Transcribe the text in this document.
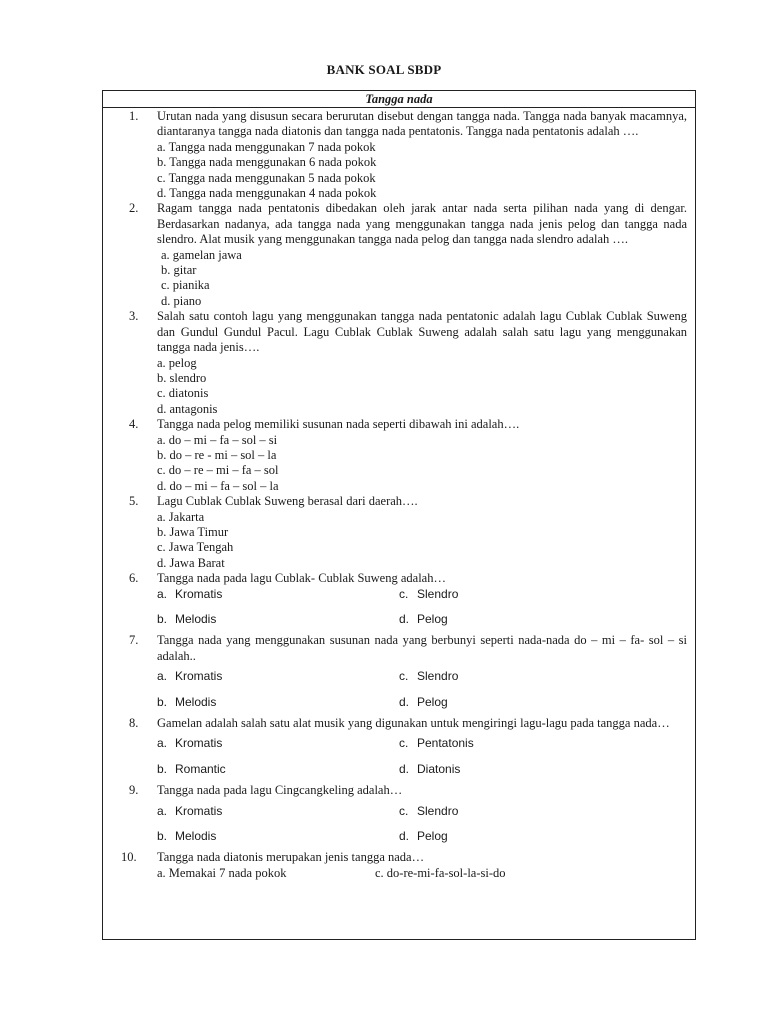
BANK SOAL SBDP
Tangga nada
1.	Urutan nada yang disusun secara berurutan disebut dengan tangga nada. Tangga nada banyak macamnya, diantaranya tangga nada diatonis dan tangga nada pentatonis. Tangga nada pentatonis adalah ….
a. Tangga nada menggunakan 7 nada pokok
b. Tangga nada menggunakan 6 nada pokok
c. Tangga nada menggunakan 5 nada pokok
d. Tangga nada menggunakan 4 nada pokok
2.	Ragam tangga nada pentatonis dibedakan oleh jarak antar nada serta pilihan nada yang di dengar. Berdasarkan nadanya, ada tangga nada yang menggunakan tangga nada jenis pelog dan tangga nada slendro. Alat musik yang menggunakan tangga nada pelog dan tangga nada slendro adalah ….
a. gamelan jawa
b. gitar
c. pianika
d. piano
3.	Salah satu contoh lagu yang menggunakan tangga nada pentatonic adalah lagu Cublak Cublak Suweng dan Gundul Gundul Pacul. Lagu Cublak Cublak Suweng adalah salah satu lagu yang menggunakan tangga nada jenis….
a. pelog
b. slendro
c. diatonis
d. antagonis
4.	Tangga nada pelog memiliki susunan nada seperti dibawah ini adalah….
a. do – mi – fa – sol – si
b. do – re - mi – sol – la
c. do – re – mi – fa – sol
d. do – mi – fa – sol – la
5.	Lagu Cublak Cublak Suweng berasal dari daerah….
a. Jakarta
b. Jawa Timur
c. Jawa Tengah
d. Jawa Barat
6.	Tangga nada pada lagu Cublak- Cublak Suweng adalah…
a. Kromatis	c. Slendro
b. Melodis	d. Pelog
7.	Tangga nada yang menggunakan susunan nada yang berbunyi seperti nada-nada do – mi – fa- sol – si adalah..
a. Kromatis	c. Slendro
b. Melodis	d. Pelog
8.	Gamelan adalah salah satu alat musik yang digunakan untuk mengiringi lagu-lagu pada tangga nada…
a. Kromatis	c. Pentatonis
b. Romantic	d. Diatonis
9.	Tangga nada pada lagu Cingcangkeling adalah…
a. Kromatis	c. Slendro
b. Melodis	d. Pelog
10.	Tangga nada diatonis merupakan jenis tangga nada…
a. Memakai 7 nada pokok	c. do-re-mi-fa-sol-la-si-do
